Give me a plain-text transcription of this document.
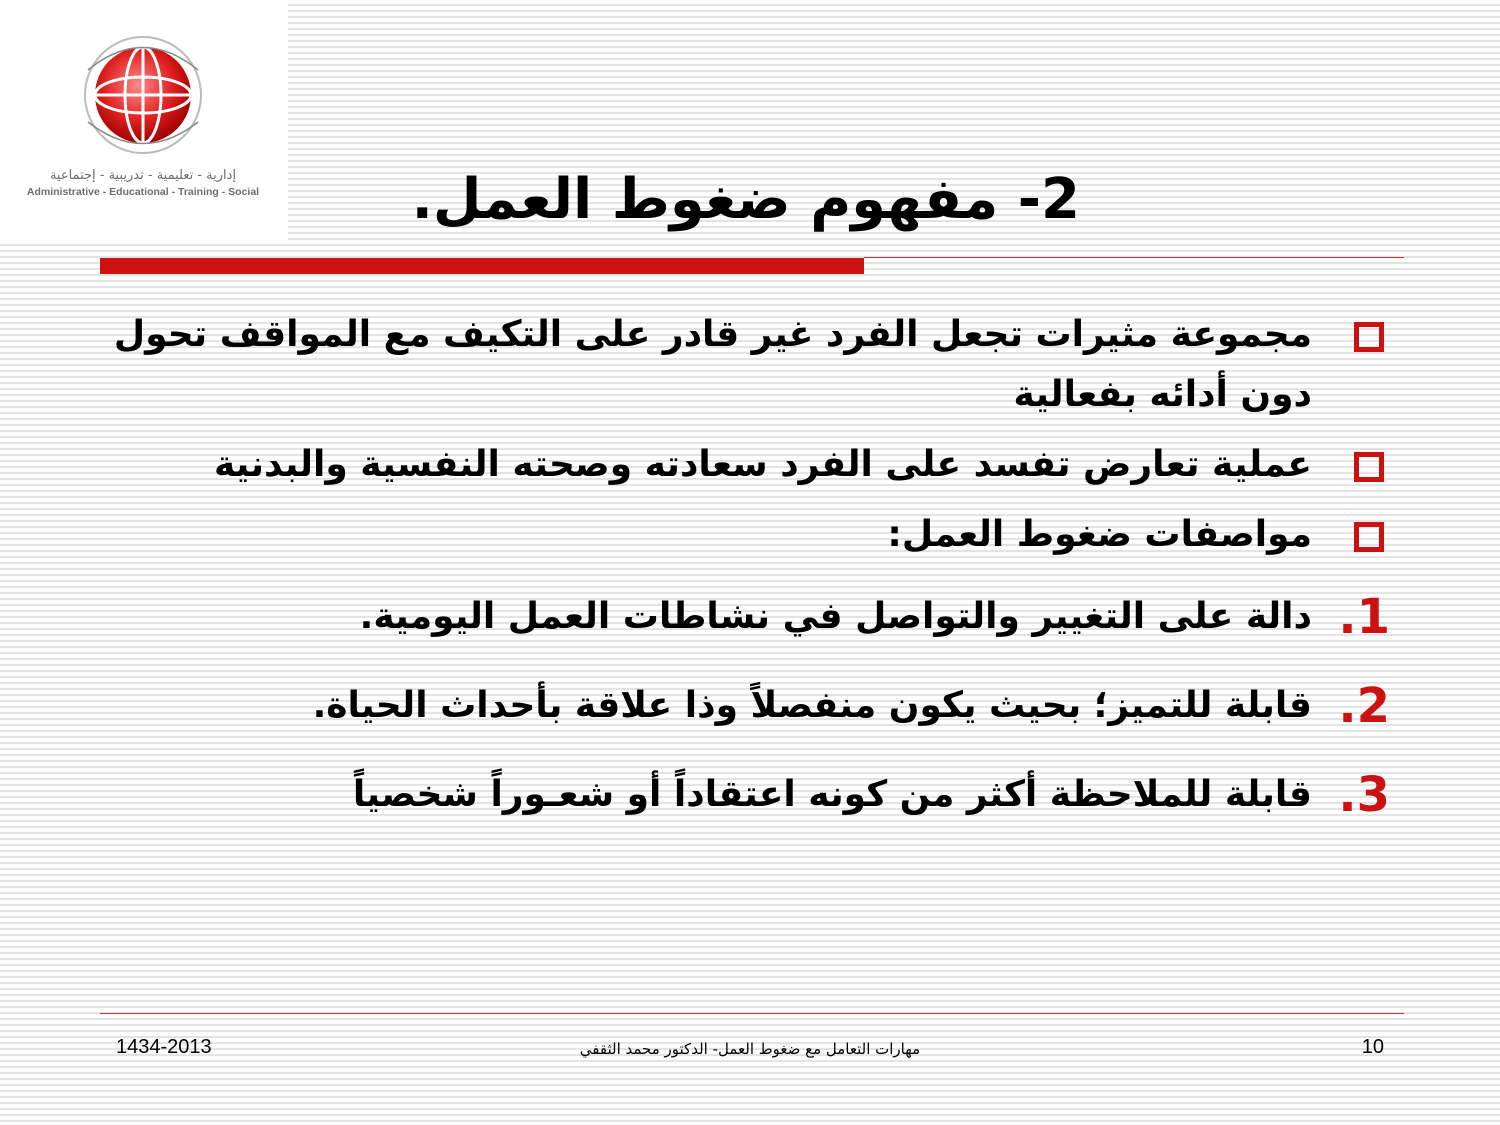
إدارية - تعليمية - تدريبية - إجتماعية
Administrative - Educational - Training - Social	2- مفهوم ضغوط العمل.
مجموعة مثيرات تجعل الفرد غير قادر على التكيف مع المواقف تحول دون أدائه بفعالية
عملية تعارض تفسد على الفرد سعادته وصحته النفسية والبدنية
مواصفات ضغوط العمل:
1.
دالة على التغيير والتواصل في نشاطات العمل اليومية.
2.
قابلة للتميز؛ بحيث يكون منفصلاً وذا علاقة بأحداث الحياة.
3.
قابلة للملاحظة أكثر من كونه اعتقاداً أو شعـوراً شخصياً
1434-2013	مهارات التعامل مع ضغوط العمل- الدكتور محمد الثقفي	10
